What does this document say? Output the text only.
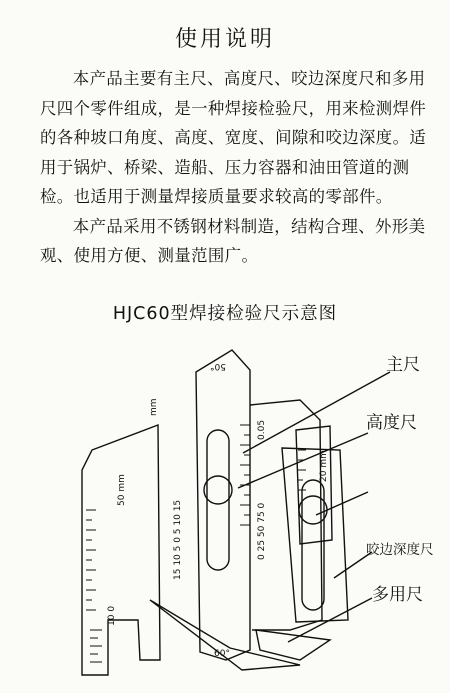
使用说明

本产品主要有主尺、高度尺、咬边深度尺和多用尺四个零件组成，是一种焊接检验尺，用来检测焊件的各种坡口角度、高度、宽度、间隙和咬边深度。适用于锅炉、桥梁、造船、压力容器和油田管道的测检。也适用于测量焊接质量要求较高的零部件。

本产品采用不锈钢材料制造，结构合理、外形美观、使用方便、测量范围广。

HJC60型焊接检验尺示意图
50°
60°
mm
50 mm
15 10 5 0 5 10 15	0 25 50 75 0
0.05
20 mm
10 0
主尺
高度尺
咬边深度尺
多用尺
